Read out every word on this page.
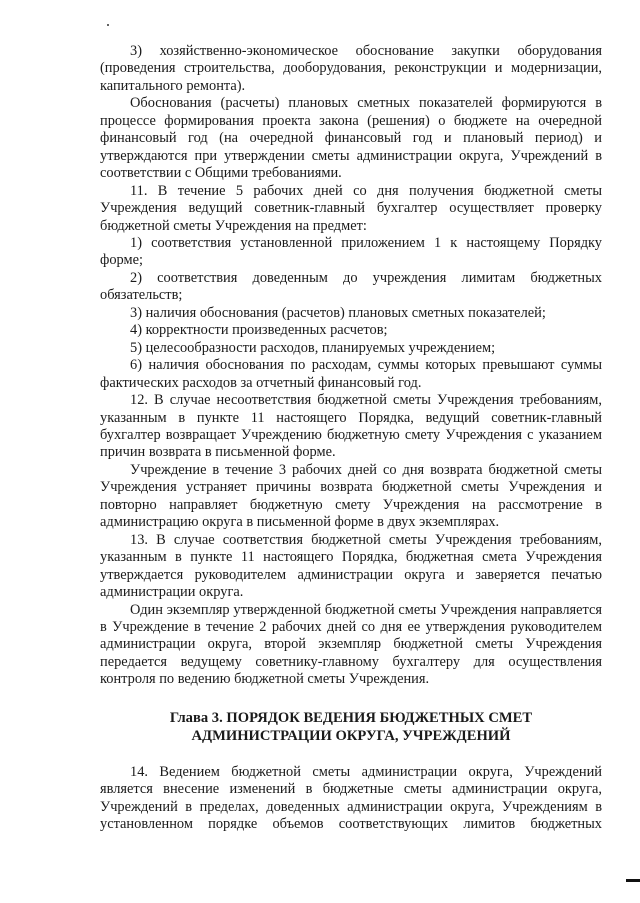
3) хозяйственно-экономическое обоснование закупки оборудования (проведения строительства, дооборудования, реконструкции и модернизации, капитального ремонта).

Обоснования (расчеты) плановых сметных показателей формируются в процессе формирования проекта закона (решения) о бюджете на очередной финансовый год (на очередной финансовый год и плановый период) и утверждаются при утверждении сметы администрации округа, Учреждений в соответствии с Общими требованиями.

11. В течение 5 рабочих дней со дня получения бюджетной сметы Учреждения ведущий советник-главный бухгалтер осуществляет проверку бюджетной сметы Учреждения на предмет:

1) соответствия установленной приложением 1 к настоящему Порядку форме;

2) соответствия доведенным до учреждения лимитам бюджетных обязательств;

3) наличия обоснования (расчетов) плановых сметных показателей;

4) корректности произведенных расчетов;

5) целесообразности расходов, планируемых учреждением;

6) наличия обоснования по расходам, суммы которых превышают суммы фактических расходов за отчетный финансовый год.

12. В случае несоответствия бюджетной сметы Учреждения требованиям, указанным в пункте 11 настоящего Порядка, ведущий советник-главный бухгалтер возвращает Учреждению бюджетную смету Учреждения с указанием причин возврата в письменной форме.

Учреждение в течение 3 рабочих дней со дня возврата бюджетной сметы Учреждения устраняет причины возврата бюджетной сметы Учреждения и повторно направляет бюджетную смету Учреждения на рассмотрение в администрацию округа в письменной форме в двух экземплярах.

13. В случае соответствия бюджетной сметы Учреждения требованиям, указанным в пункте 11 настоящего Порядка, бюджетная смета Учреждения утверждается руководителем администрации округа и заверяется печатью администрации округа.

Один экземпляр утвержденной бюджетной сметы Учреждения направляется в Учреждение в течение 2 рабочих дней со дня ее утверждения руководителем администрации округа, второй экземпляр бюджетной сметы Учреждения передается ведущему советнику-главному бухгалтеру для осуществления контроля по ведению бюджетной сметы Учреждения.

Глава 3. ПОРЯДОК ВЕДЕНИЯ БЮДЖЕТНЫХ СМЕТ
АДМИНИСТРАЦИИ ОКРУГА, УЧРЕЖДЕНИЙ

14. Ведением бюджетной сметы администрации округа, Учреждений является внесение изменений в бюджетные сметы администрации округа, Учреждений в пределах, доведенных администрации округа, Учреждениям в установленном порядке объемов соответствующих лимитов бюджетных
